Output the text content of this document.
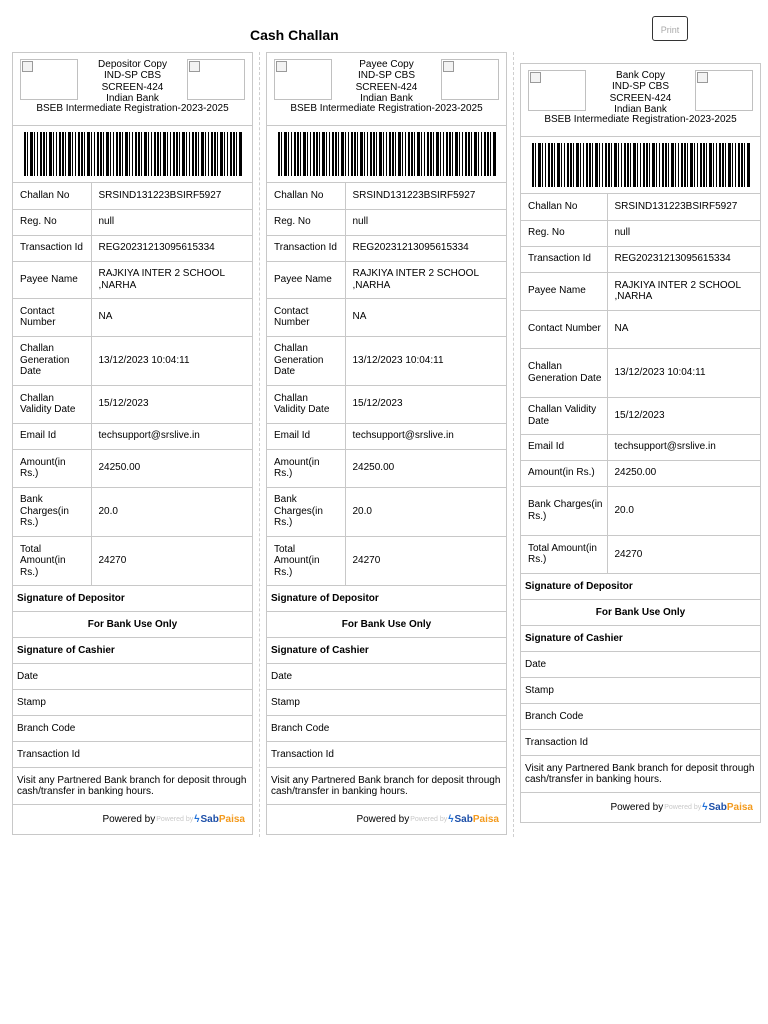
Cash Challan	Print
Depositor Copy
IND-SP CBS
SCREEN-424
Indian Bank
BSEB Intermediate Registration-2023-2025
Challan No	SRSIND131223BSIRF5927
Reg. No	null
Transaction Id	REG20231213095615334
Payee Name	RAJKIYA INTER 2 SCHOOL ,NARHA
Contact Number	NA
Challan Generation Date	13/12/2023 10:04:11
Challan Validity Date	15/12/2023
Email Id	techsupport@srslive.in
Amount(in Rs.)	24250.00
Bank Charges(in Rs.)	20.0
Total Amount(in Rs.)	24270
Signature of Depositor
For Bank Use Only
Signature of Cashier
Date
Stamp
Branch Code
Transaction Id
Visit any Partnered Bank branch for deposit through cash/transfer in banking hours.
Powered by Powered by ϟ Sab Paisa
Payee Copy
IND-SP CBS
SCREEN-424
Indian Bank
BSEB Intermediate Registration-2023-2025
Challan No	SRSIND131223BSIRF5927
Reg. No	null
Transaction Id	REG20231213095615334
Payee Name	RAJKIYA INTER 2 SCHOOL ,NARHA
Contact Number	NA
Challan Generation Date	13/12/2023 10:04:11
Challan Validity Date	15/12/2023
Email Id	techsupport@srslive.in
Amount(in Rs.)	24250.00
Bank Charges(in Rs.)	20.0
Total Amount(in Rs.)	24270
Signature of Depositor
For Bank Use Only
Signature of Cashier
Date
Stamp
Branch Code
Transaction Id
Visit any Partnered Bank branch for deposit through cash/transfer in banking hours.
Powered by Powered by ϟ Sab Paisa
Bank Copy
IND-SP CBS
SCREEN-424
Indian Bank
BSEB Intermediate Registration-2023-2025
Challan No	SRSIND131223BSIRF5927
Reg. No	null
Transaction Id	REG20231213095615334
Payee Name	RAJKIYA INTER 2 SCHOOL ,NARHA
Contact Number	NA
Challan Generation Date	13/12/2023 10:04:11
Challan Validity Date	15/12/2023
Email Id	techsupport@srslive.in
Amount(in Rs.)	24250.00
Bank Charges(in Rs.)	20.0
Total Amount(in Rs.)	24270
Signature of Depositor
For Bank Use Only
Signature of Cashier
Date
Stamp
Branch Code
Transaction Id
Visit any Partnered Bank branch for deposit through cash/transfer in banking hours.
Powered by Powered by ϟ Sab Paisa
